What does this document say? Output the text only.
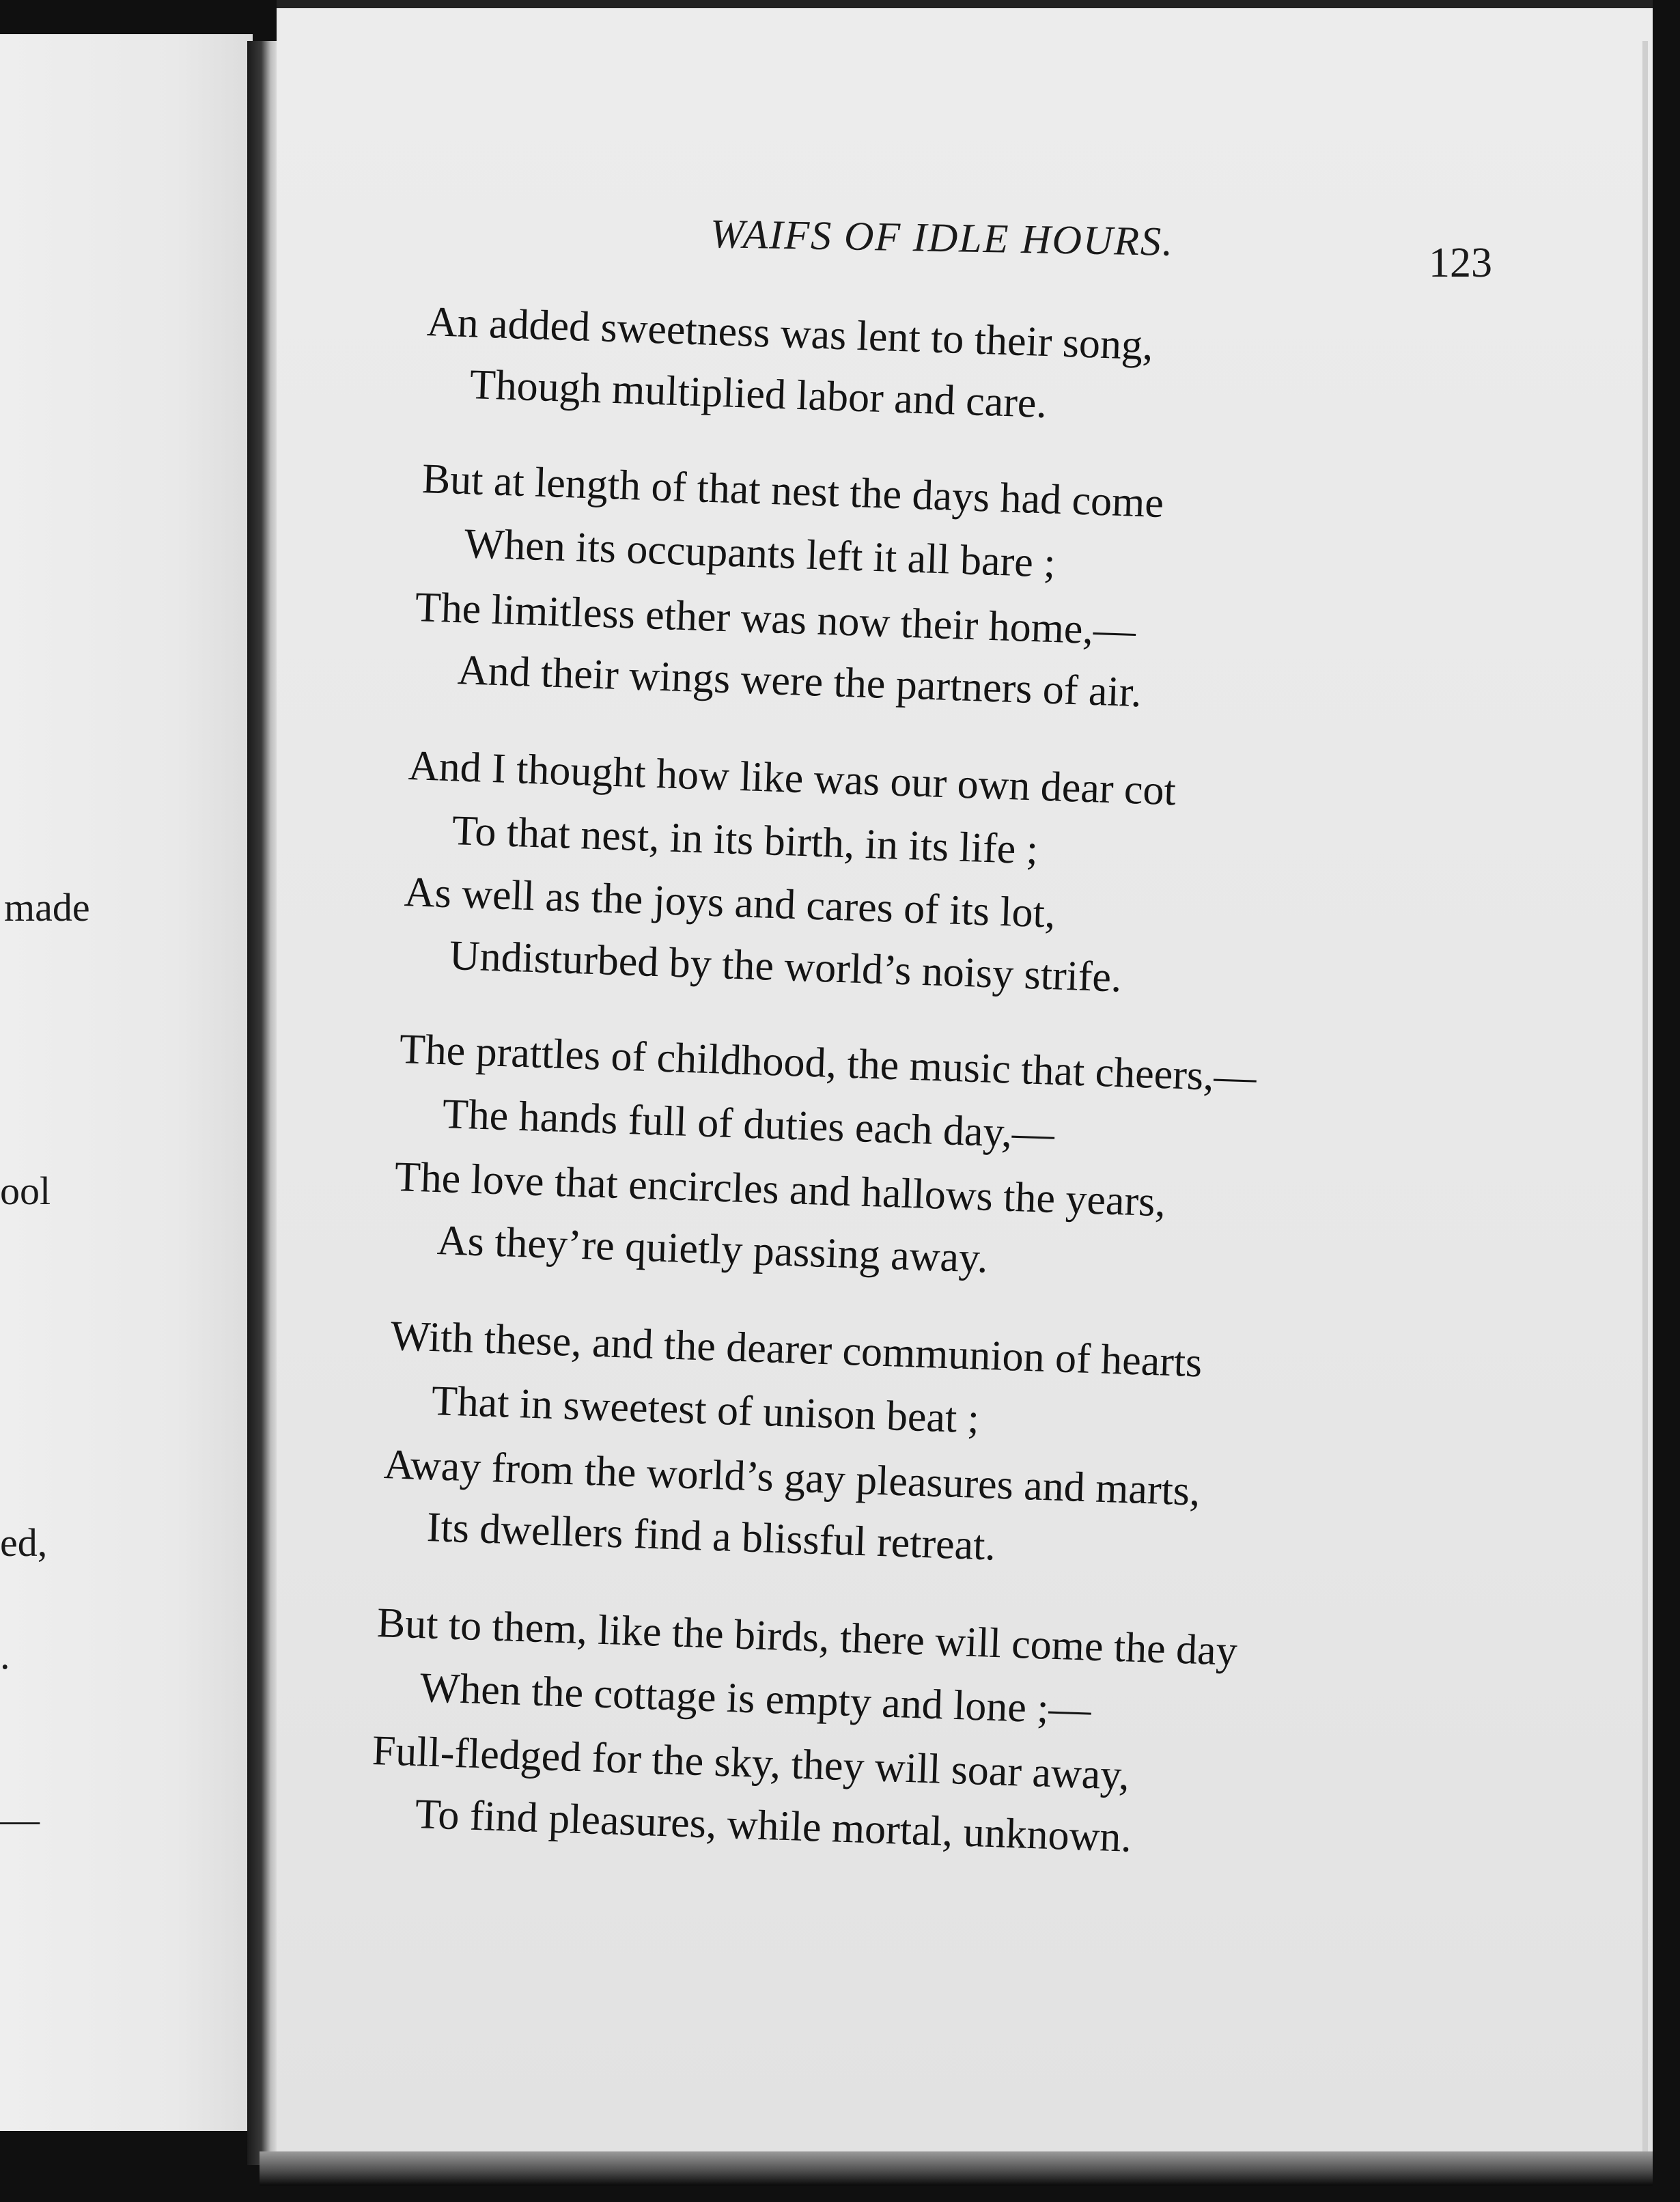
made
ool
ed,
.
—
WAIFS OF IDLE HOURS.	123
An added sweetness was lent to their song,
Though multiplied labor and care.
But at length of that nest the days had come
When its occupants left it all bare ;
The limitless ether was now their home,—
And their wings were the partners of air.
And I thought how like was our own dear cot
To that nest, in its birth, in its life ;
As well as the joys and cares of its lot,
Undisturbed by the world’s noisy strife.
The prattles of childhood, the music that cheers,—
The hands full of duties each day,—
The love that encircles and hallows the years,
As they’re quietly passing away.
With these, and the dearer communion of hearts
That in sweetest of unison beat ;
Away from the world’s gay pleasures and marts,
Its dwellers find a blissful retreat.
But to them, like the birds, there will come the day
When the cottage is empty and lone ;—
Full-fledged for the sky, they will soar away,
To find pleasures, while mortal, unknown.
